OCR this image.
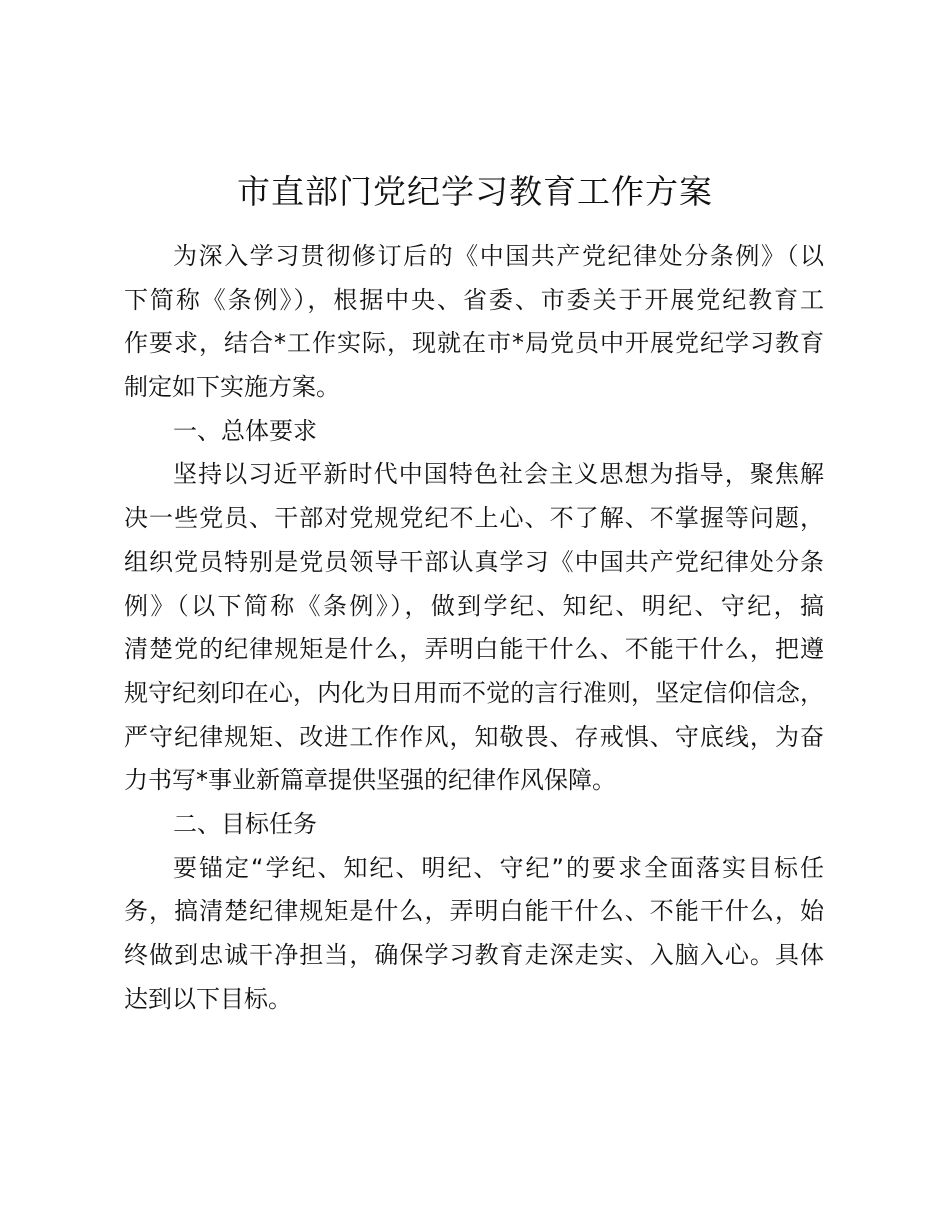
市直部门党纪学习教育工作方案
为深入学习贯彻修订后的《中国共产党纪律处分条例》（以
下简称《条例》），根据中央、省委、市委关于开展党纪教育工
作要求，结合*工作实际，现就在市*局党员中开展党纪学习教育
制定如下实施方案。
一、总体要求
坚持以习近平新时代中国特色社会主义思想为指导，聚焦解
决一些党员、干部对党规党纪不上心、不了解、不掌握等问题，
组织党员特别是党员领导干部认真学习《中国共产党纪律处分条
例》（以下简称《条例》），做到学纪、知纪、明纪、守纪，搞
清楚党的纪律规矩是什么，弄明白能干什么、不能干什么，把遵
规守纪刻印在心，内化为日用而不觉的言行准则，坚定信仰信念，
严守纪律规矩、改进工作作风，知敬畏、存戒惧、守底线，为奋
力书写*事业新篇章提供坚强的纪律作风保障。
二、目标任务
要锚定“学纪、知纪、明纪、守纪”的要求全面落实目标任
务，搞清楚纪律规矩是什么，弄明白能干什么、不能干什么，始
终做到忠诚干净担当，确保学习教育走深走实、入脑入心。具体
达到以下目标。
